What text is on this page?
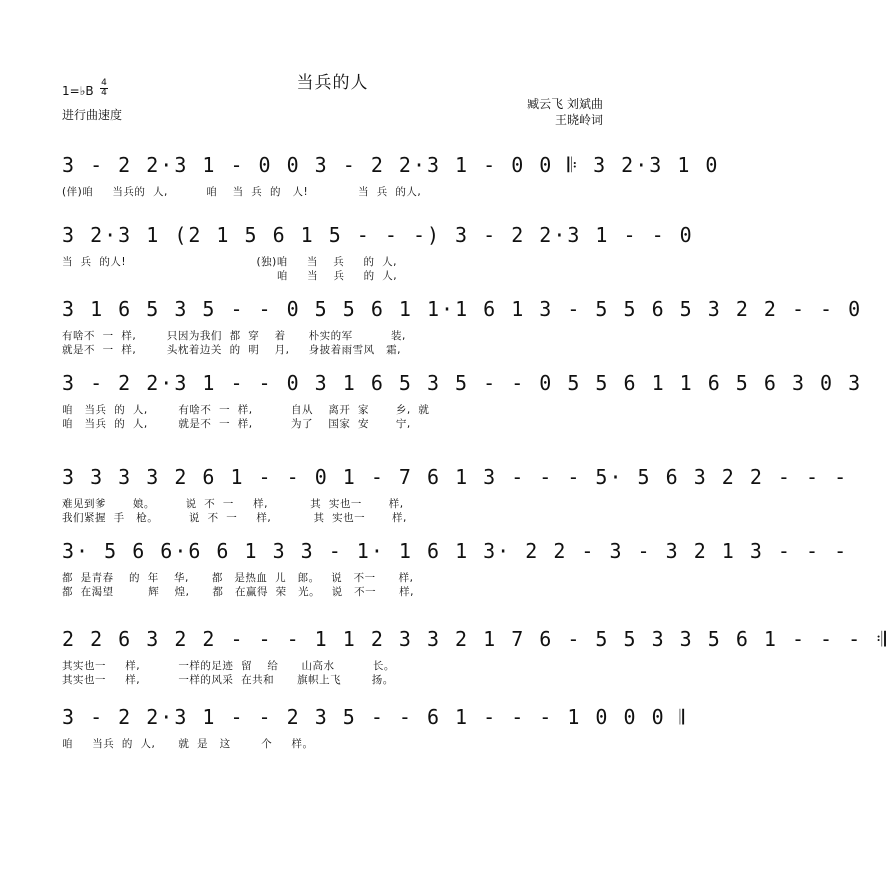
当兵的人
1=♭B
4
4
进行曲速度
臧云飞 刘斌曲
王晓岭词
3 - 2 2·3 1 - 0 0 3 - 2 2·3 1 - 0 0 𝄆 3 2·3 1 0
(伴)咱     当兵的  人,          咱    当  兵  的   人!             当  兵  的人,
3 2·3 1 (2 1 5 6 1 5 - - -) 3 - 2 2·3 1 - - 0
当  兵  的人!                                  (独)咱     当    兵     的  人,
咱     当    兵     的  人,
3 1 6 5 3 5 - - 0 5 5 6 1 1·1 6 1 3 - 5 5 6 5 3 2 2 - - 0
有啥不  一  样,        只因为我们  都  穿    着      朴实的军          装,
就是不  一  样,        头枕着边关  的  明    月,     身披着雨雪风   霜,
3 - 2 2·3 1 - - 0 3 1 6 5 3 5 - - 0 5 5 6 1 1 6 5 6 3 0 3
咱   当兵  的  人,        有啥不  一  样,          自从    离开  家       乡,  就
咱   当兵  的  人,        就是不  一  样,          为了    国家  安       宁,
3 3 3 3 2 6 1 - - 0 1 - 7 6 1 3 - - - 5· 5 6 3 2 2 - - -
难见到爹       娘。        说  不  一     样,           其  实也一       样,
我们紧握  手   枪。        说  不  一     样,           其  实也一       样,
3· 5 6 6·6 6 1 3 3 - 1· 1 6 1 3· 2 2 - 3 - 3 2 1 3 - - -
都  是青春    的  年    华,      都   是热血  儿   郎。   说   不一      样,
都  在渴望         辉    煌,      都   在赢得  荣   光。   说   不一      样,
2 2 6 3 2 2 - - - 1 1 2 3 3 2 1 7 6 - 5 5 3 3 5 6 1 - - - 𝄇
其实也一     样,          一样的足迹  留    给      山高水          长。
其实也一     样,          一样的风采  在共和      旗帜上飞        扬。
3 - 2 2·3 1 - - 2 3 5 - - 6 1 - - - 1 0 0 0 𝄂
咱     当兵  的  人,      就  是   这        个     样。
